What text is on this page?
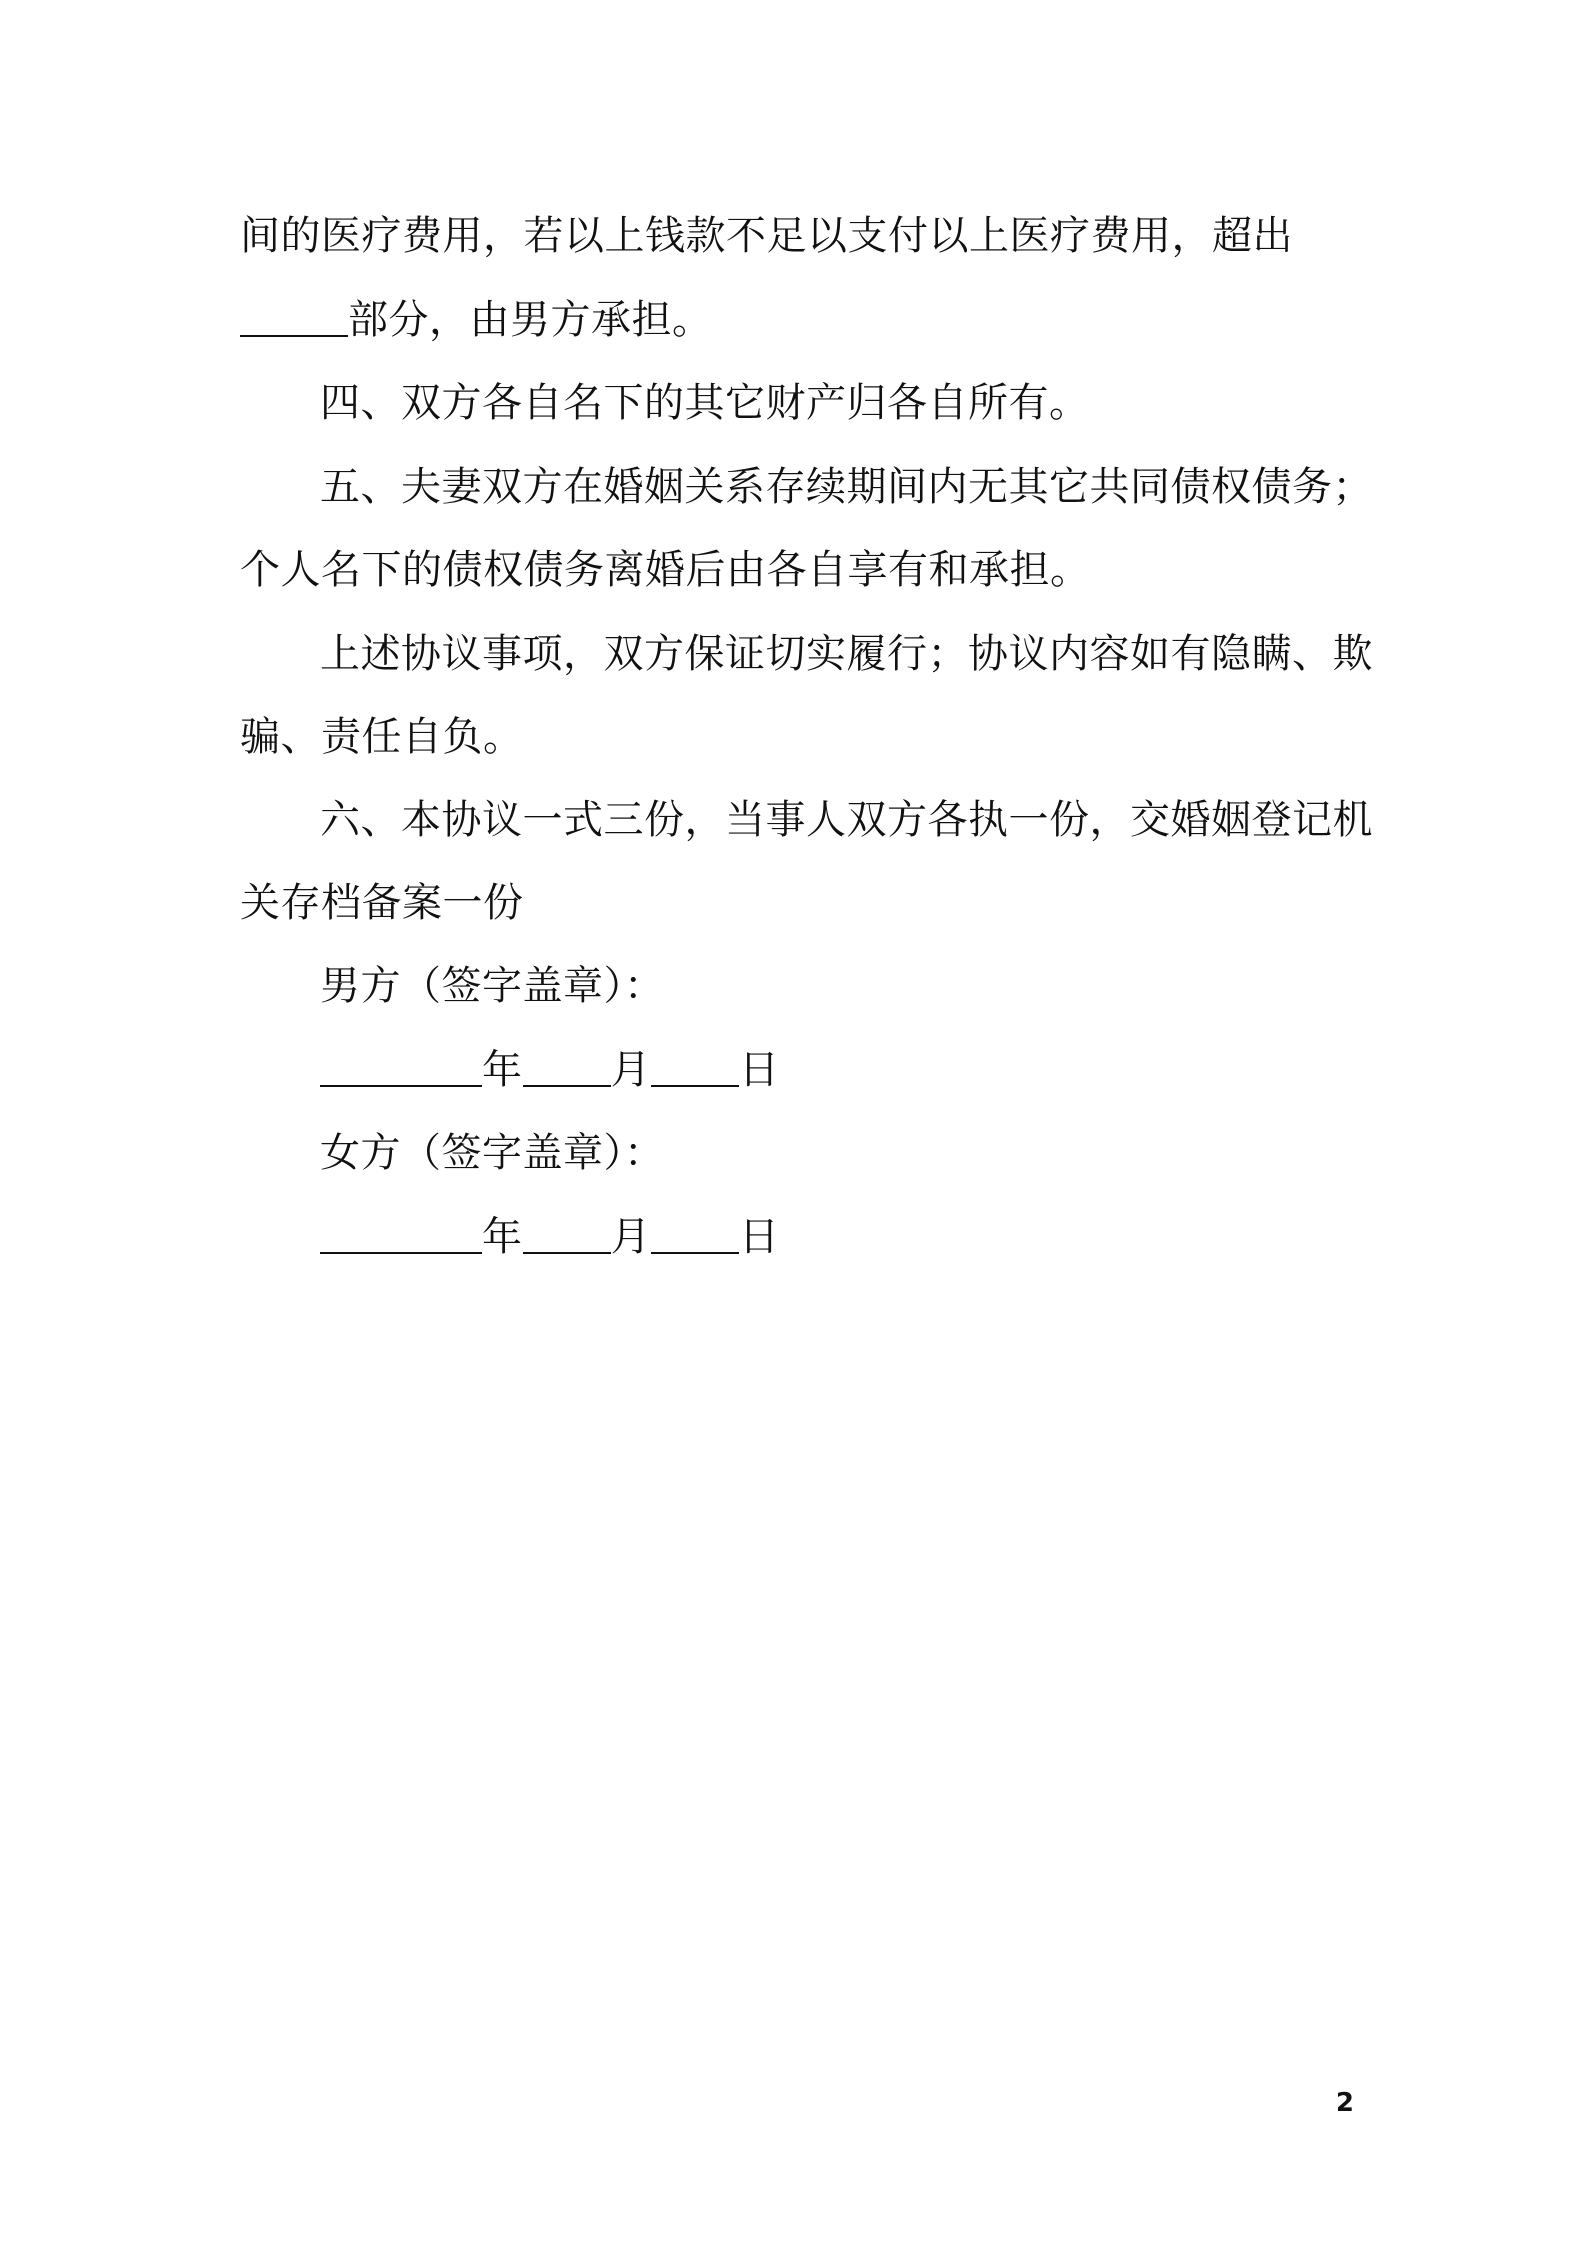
间的医疗费用，若以上钱款不足以支付以上医疗费用，超出
部分，由男方承担。
四、双方各自名下的其它财产归各自所有。
五、夫妻双方在婚姻关系存续期间内无其它共同债权债务；
个人名下的债权债务离婚后由各自享有和承担。
上述协议事项，双方保证切实履行；协议内容如有隐瞒、欺
骗、责任自负。
六、本协议一式三份，当事人双方各执一份，交婚姻登记机
关存档备案一份
男方（签字盖章）：
年 月 日
女方（签字盖章）：
年 月 日
2
